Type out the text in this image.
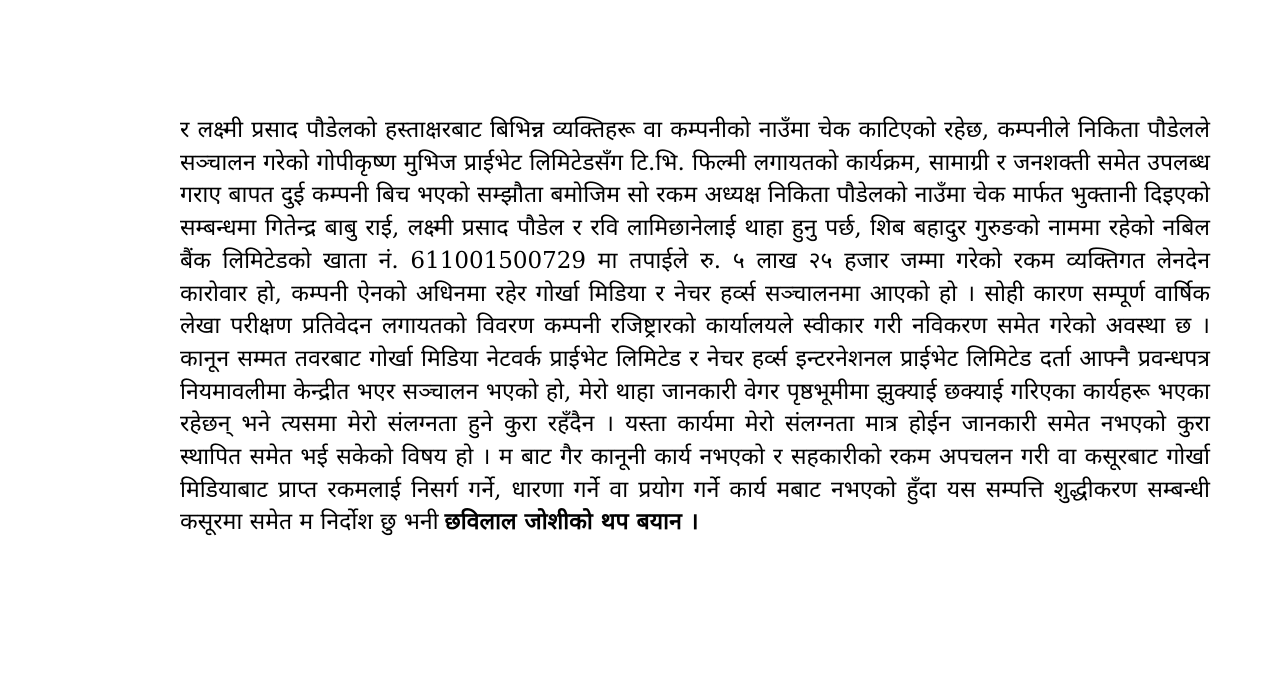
र लक्ष्मी प्रसाद पौडेलको हस्ताक्षरबाट बिभिन्न व्यक्तिहरू वा कम्पनीको नाउँमा चेक काटिएको रहेछ, कम्पनीले निकिता पौडेलले सञ्चालन गरेको गोपीकृष्ण मुभिज प्राईभेट लिमिटेडसँग टि.भि. फिल्मी लगायतको कार्यक्रम, सामाग्री र जनशक्ती समेत उपलब्ध गराए बापत दुई कम्पनी बिच भएको सम्झौता बमोजिम सो रकम अध्यक्ष निकिता पौडेलको नाउँमा चेक मार्फत भुक्तानी दिइएको सम्बन्धमा गितेन्द्र बाबु राई, लक्ष्मी प्रसाद पौडेल र रवि लामिछानेलाई थाहा हुनु पर्छ, शिब बहादुर गुरुङको नाममा रहेको नबिल बैंक लिमिटेडको खाता नं. 611001500729 मा तपाईले रु. ५ लाख २५ हजार जम्मा गरेको रकम व्यक्तिगत लेनदेन कारोवार हो, कम्पनी ऐनको अधिनमा रहेर गोर्खा मिडिया र नेचर हर्व्स सञ्चालनमा आएको हो । सोही कारण सम्पूर्ण वार्षिक लेखा परीक्षण प्रतिवेदन लगायतको विवरण कम्पनी रजिष्ट्रारको कार्यालयले स्वीकार गरी नविकरण समेत गरेको अवस्था छ । कानून सम्मत तवरबाट गोर्खा मिडिया नेटवर्क प्राईभेट लिमिटेड र नेचर हर्व्स इन्टरनेशनल प्राईभेट लिमिटेड दर्ता आफ्नै प्रवन्धपत्र नियमावलीमा केन्द्रीत भएर सञ्चालन भएको हो, मेरो थाहा जानकारी वेगर पृष्ठभूमीमा झुक्याई छक्याई गरिएका कार्यहरू भएका रहेछन् भने त्यसमा मेरो संलग्नता हुने कुरा रहँदैन । यस्ता कार्यमा मेरो संलग्नता मात्र होईन जानकारी समेत नभएको कुरा स्थापित समेत भई सकेको विषय हो । म बाट गैर कानूनी कार्य नभएको र सहकारीको रकम अपचलन गरी वा कसूरबाट गोर्खा मिडियाबाट प्राप्त रकमलाई निसर्ग गर्ने, धारणा गर्ने वा प्रयोग गर्ने कार्य मबाट नभएको हुँदा यस सम्पत्ति शुद्धीकरण सम्बन्धी कसूरमा समेत म निर्दोश छु भनी छविलाल जोशीको थप बयान ।
